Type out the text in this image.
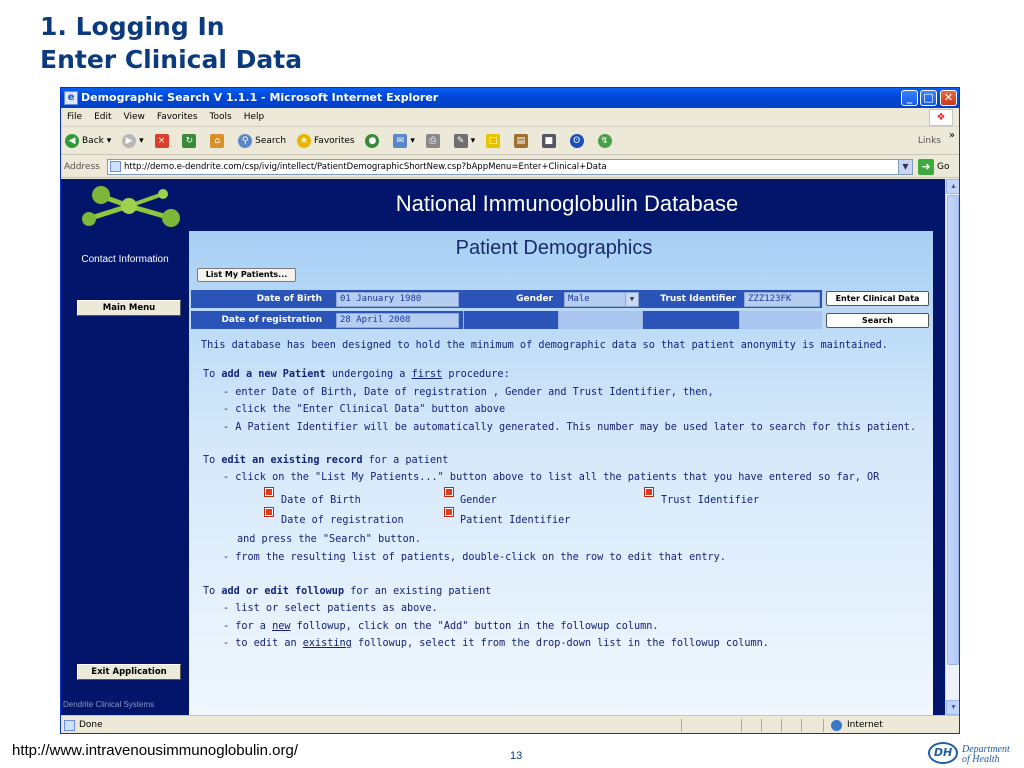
1. Logging In
Enter Clinical Data
e Demographic Search V 1.1.1 - Microsoft Internet Explorer	_	□ ✕
File Edit View Favorites Tools Help	❖
◀ Back ▾ ▶ ▾ × ↻ ⌂ ⚲ Search ★ Favorites ● ✉ ▾ ⎙ ✎ ▾ □ ▤ ■ ʘ ↯	Links »
Address	http://demo.e-dendrite.com/csp/ivig/intellect/PatientDemographicShortNew.csp?bAppMenu=Enter+Clinical+Data	▼	➜ Go
National Immunoglobulin Database
Contact Information
Main Menu
Exit Application
Dendrite Clinical Systems
Patient Demographics
List My Patients...
Date of Birth	01 January 1980	Gender	Male	▼	Trust Identifier	ZZZ123FK	Enter Clinical Data
Date of registration	28 April 2008	Search
This database has been designed to hold the minimum of demographic data so that patient anonymity is maintained.
To add a new Patient undergoing a first procedure:
- enter Date of Birth, Date of registration , Gender and Trust Identifier, then,
- click the "Enter Clinical Data" button above
- A Patient Identifier will be automatically generated. This number may be used later to search for this patient.
To edit an existing record for a patient
- click on the "List My Patients..." button above to list all the patients that you have entered so far, OR
Date of Birth	Gender	Trust Identifier
Date of registration	Patient Identifier
and press the "Search" button.
- from the resulting list of patients, double-click on the row to edit that entry.
To add or edit followup for an existing patient
- list or select patients as above.
- for a new followup, click on the "Add" button in the followup column.
- to edit an existing followup, select it from the drop-down list in the followup column.
▲
▼
Done	Internet
http://www.intravenousimmunoglobulin.org/	13	DH Department
of Health
